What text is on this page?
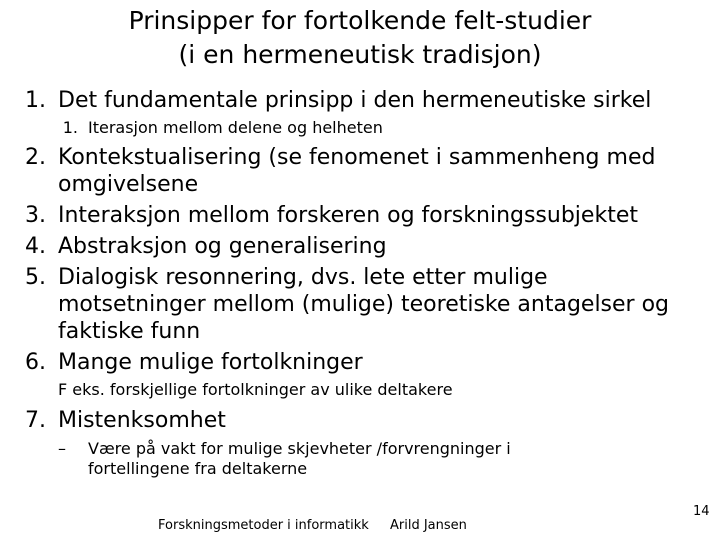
Prinsipper for fortolkende felt-studier
(i en hermeneutisk tradisjon)
1. Det fundamentale prinsipp i den hermeneutiske sirkel
1. Iterasjon mellom delene og helheten
2. Kontekstualisering (se fenomenet i sammenheng med
omgivelsene
3. Interaksjon mellom forskeren og forskningssubjektet
4. Abstraksjon og generalisering
5. Dialogisk resonnering, dvs. lete etter mulige
motsetninger mellom (mulige) teoretiske antagelser og
faktiske funn
6. Mange mulige fortolkninger
F eks. forskjellige fortolkninger av ulike deltakere
7. Mistenksomhet
– Være på vakt for mulige skjevheter /forvrengninger i
fortellingene fra deltakerne
Forskningsmetoder i informatikk Arild Jansen
14
